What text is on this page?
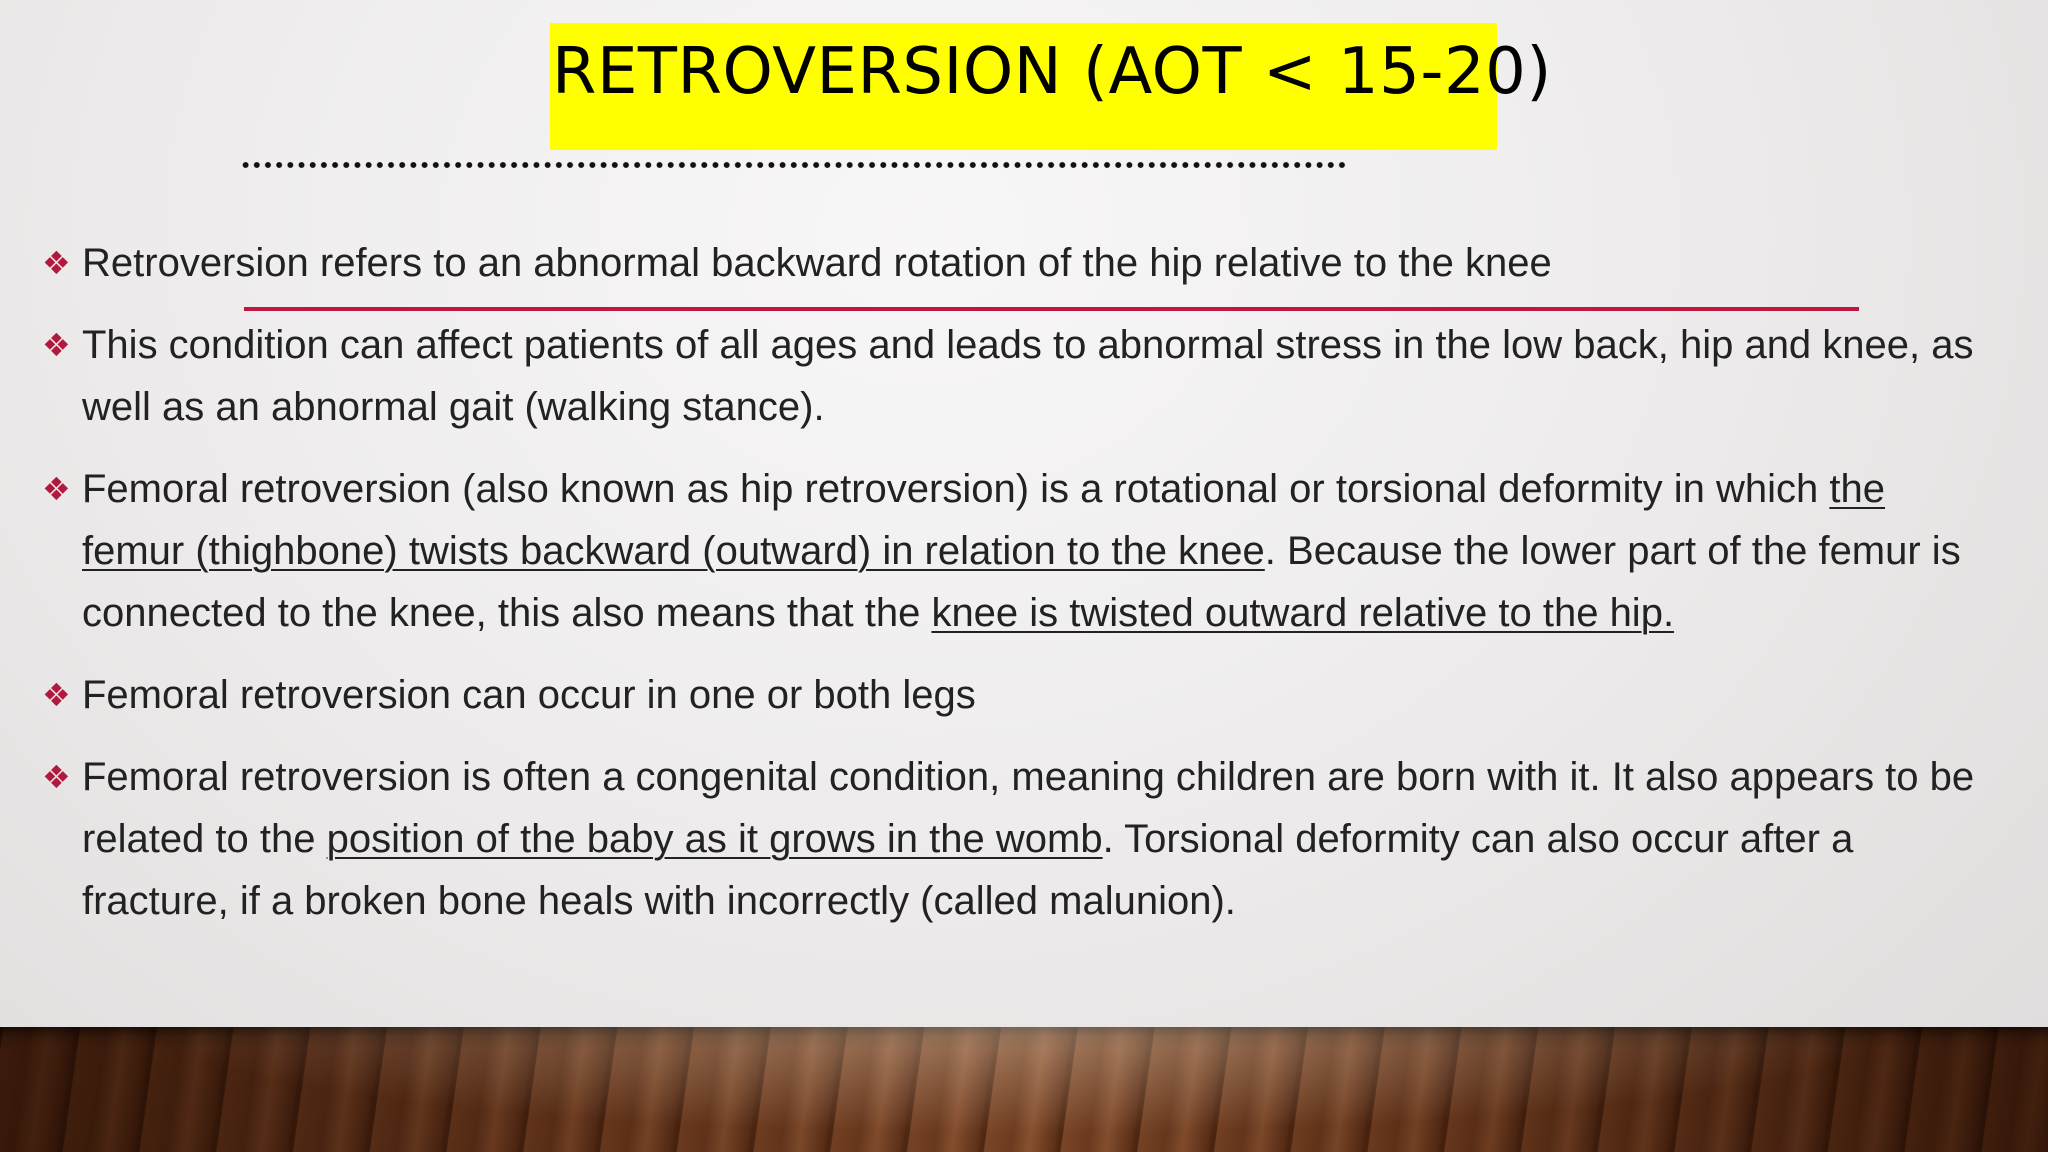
RETROVERSION (AOT < 15-20)
❖ Retroversion refers to an abnormal backward rotation of the hip relative to the knee
❖ This condition can affect patients of all ages and leads to abnormal stress in the low back, hip and knee, as well as an abnormal gait (walking stance).
❖ Femoral retroversion (also known as hip retroversion) is a rotational or torsional deformity in which the femur (thighbone) twists backward (outward) in relation to the knee. Because the lower part of the femur is connected to the knee, this also means that the knee is twisted outward relative to the hip.
❖ Femoral retroversion can occur in one or both legs
❖ Femoral retroversion is often a congenital condition, meaning children are born with it. It also appears to be related to the position of the baby as it grows in the womb. Torsional deformity can also occur after a fracture, if a broken bone heals with incorrectly (called malunion).
